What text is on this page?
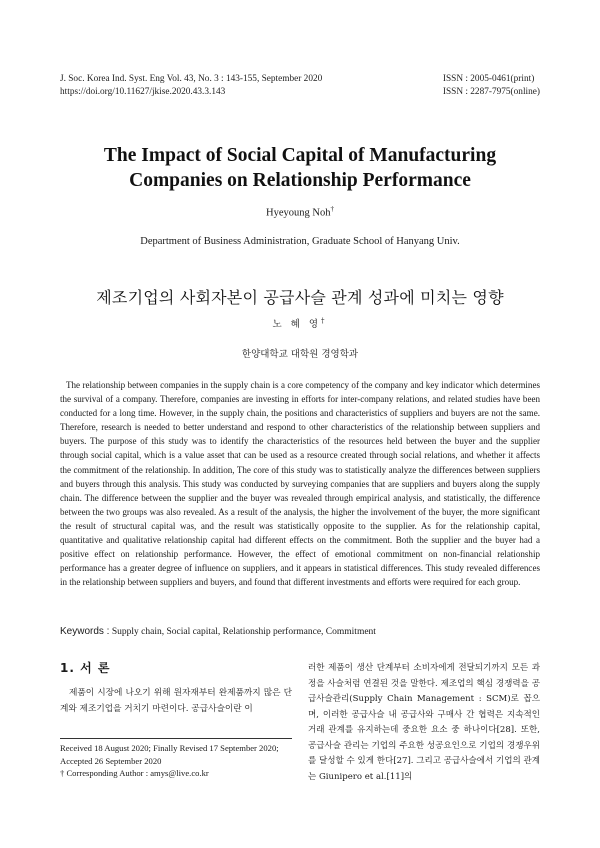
J. Soc. Korea Ind. Syst. Eng Vol. 43, No. 3 : 143-155, September 2020
https://doi.org/10.11627/jkise.2020.43.3.143
ISSN : 2005-0461(print)
ISSN : 2287-7975(online)
The Impact of Social Capital of Manufacturing
Companies on Relationship Performance
Hyeyoung Noh†
Department of Business Administration, Graduate School of Hanyang Univ.
제조기업의 사회자본이 공급사슬 관계 성과에 미치는 영향
노 혜 영†
한양대학교 대학원 경영학과

The relationship between companies in the supply chain is a core competency of the company and key indicator which determines the survival of a company. Therefore, companies are investing in efforts for inter-company relations, and related studies have been conducted for a long time. However, in the supply chain, the positions and characteristics of suppliers and buyers are not the same. Therefore, research is needed to better understand and respond to other characteristics of the relationship between suppliers and buyers. The purpose of this study was to identify the characteristics of the resources held between the buyer and the supplier through social capital, which is a value asset that can be used as a resource created through social relations, and whether it affects the commitment of the relationship. In addition, The core of this study was to statistically analyze the differences between suppliers and buyers through this analysis. This study was conducted by surveying companies that are suppliers and buyers along the supply chain. The difference between the supplier and the buyer was revealed through empirical analysis, and statistically, the difference between the two groups was also revealed. As a result of the analysis, the higher the involvement of the buyer, the more significant the result of structural capital was, and the result was statistically opposite to the supplier. As for the relationship capital, quantitative and qualitative relationship capital had different effects on the commitment. Both the supplier and the buyer had a positive effect on relationship performance. However, the effect of emotional commitment on non-financial relationship performance has a greater degree of influence on suppliers, and it appears in statistical differences. This study revealed differences in the relationship between suppliers and buyers, and found that different investments and efforts were required for each group.

Keywords : Supply chain, Social capital, Relationship performance, Commitment
1. 서 론

제품이 시장에 나오기 위해 원자재부터 완제품까지 많은 단계와 제조기업을 거치기 마련이다. 공급사슬이란 이

Received 18 August 2020; Finally Revised 17 September 2020;
Accepted 26 September 2020
† Corresponding Author : amys@live.co.kr

러한 제품이 생산 단계부터 소비자에게 전달되기까지 모든 과정을 사슬처럼 연결된 것을 말한다. 제조업의 핵심 경쟁력을 공급사슬관리(Supply Chain Management : SCM)로 꼽으며, 이러한 공급사슬 내 공급사와 구매사 간 협력은 지속적인 거래 관계를 유지하는데 중요한 요소 중 하나이다[28]. 또한, 공급사슬 관리는 기업의 주요한 성공요인으로 기업의 경쟁우위를 달성할 수 있게 한다[27]. 그리고 공급사슬에서 기업의 관계는 Giunipero et al.[11]의
